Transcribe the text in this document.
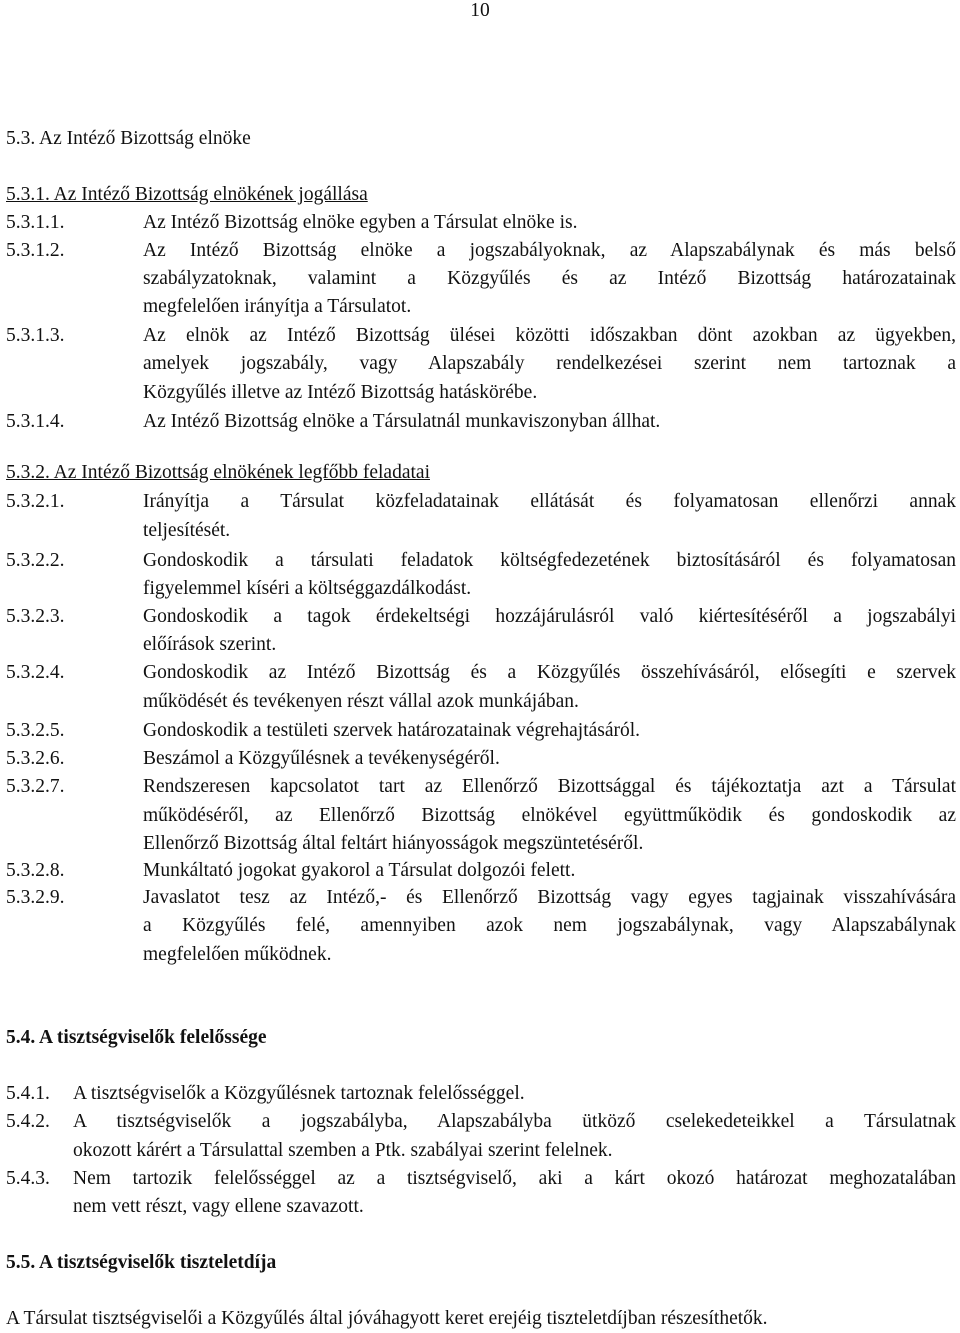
10
5.3. Az Intéző Bizottság elnöke
5.3.1. Az Intéző Bizottság elnökének jogállása
5.3.1.1.	Az Intéző Bizottság elnöke egyben a Társulat elnöke is.
5.3.1.2.	Az Intéző Bizottság elnöke a jogszabályoknak, az Alapszabálynak és más belső
szabályzatoknak, valamint a Közgyűlés és az Intéző Bizottság határozatainak
megfelelően irányítja a Társulatot.
5.3.1.3.	Az elnök az Intéző Bizottság ülései közötti időszakban dönt azokban az ügyekben,
amelyek jogszabály, vagy Alapszabály rendelkezései szerint nem tartoznak a
Közgyűlés illetve az Intéző Bizottság hatáskörébe.
5.3.1.4.	Az Intéző Bizottság elnöke a Társulatnál munkaviszonyban állhat.
5.3.2. Az Intéző Bizottság elnökének legfőbb feladatai
5.3.2.1.	Irányítja a Társulat közfeladatainak ellátását és folyamatosan ellenőrzi annak
teljesítését.
5.3.2.2.	Gondoskodik a társulati feladatok költségfedezetének biztosításáról és folyamatosan
figyelemmel kíséri a költséggazdálkodást.
5.3.2.3.	Gondoskodik a tagok érdekeltségi hozzájárulásról való kiértesítéséről a jogszabályi
előírások szerint.
5.3.2.4.	Gondoskodik az Intéző Bizottság és a Közgyűlés összehívásáról, elősegíti e szervek
működését és tevékenyen részt vállal azok munkájában.
5.3.2.5.	Gondoskodik a testületi szervek határozatainak végrehajtásáról.
5.3.2.6.	Beszámol a Közgyűlésnek a tevékenységéről.
5.3.2.7.	Rendszeresen kapcsolatot tart az Ellenőrző Bizottsággal és tájékoztatja azt a Társulat
működéséről, az Ellenőrző Bizottság elnökével együttműködik és gondoskodik az
Ellenőrző Bizottság által feltárt hiányosságok megszüntetéséről.
5.3.2.8.	Munkáltató jogokat gyakorol a Társulat dolgozói felett.
5.3.2.9.	Javaslatot tesz az Intéző,- és Ellenőrző Bizottság vagy egyes tagjainak visszahívására
a Közgyűlés felé, amennyiben azok nem jogszabálynak, vagy Alapszabálynak
megfelelően működnek.
5.4. A tisztségviselők felelőssége
5.4.1. A tisztségviselők a Közgyűlésnek tartoznak felelősséggel.
5.4.2. A tisztségviselők a jogszabályba, Alapszabályba ütköző cselekedeteikkel a Társulatnak
okozott kárért a Társulattal szemben a Ptk. szabályai szerint felelnek.
5.4.3. Nem tartozik felelősséggel az a tisztségviselő, aki a kárt okozó határozat meghozatalában
nem vett részt, vagy ellene szavazott.
5.5. A tisztségviselők tiszteletdíja
A Társulat tisztségviselői a Közgyűlés által jóváhagyott keret erejéig tiszteletdíjban részesíthetők.
